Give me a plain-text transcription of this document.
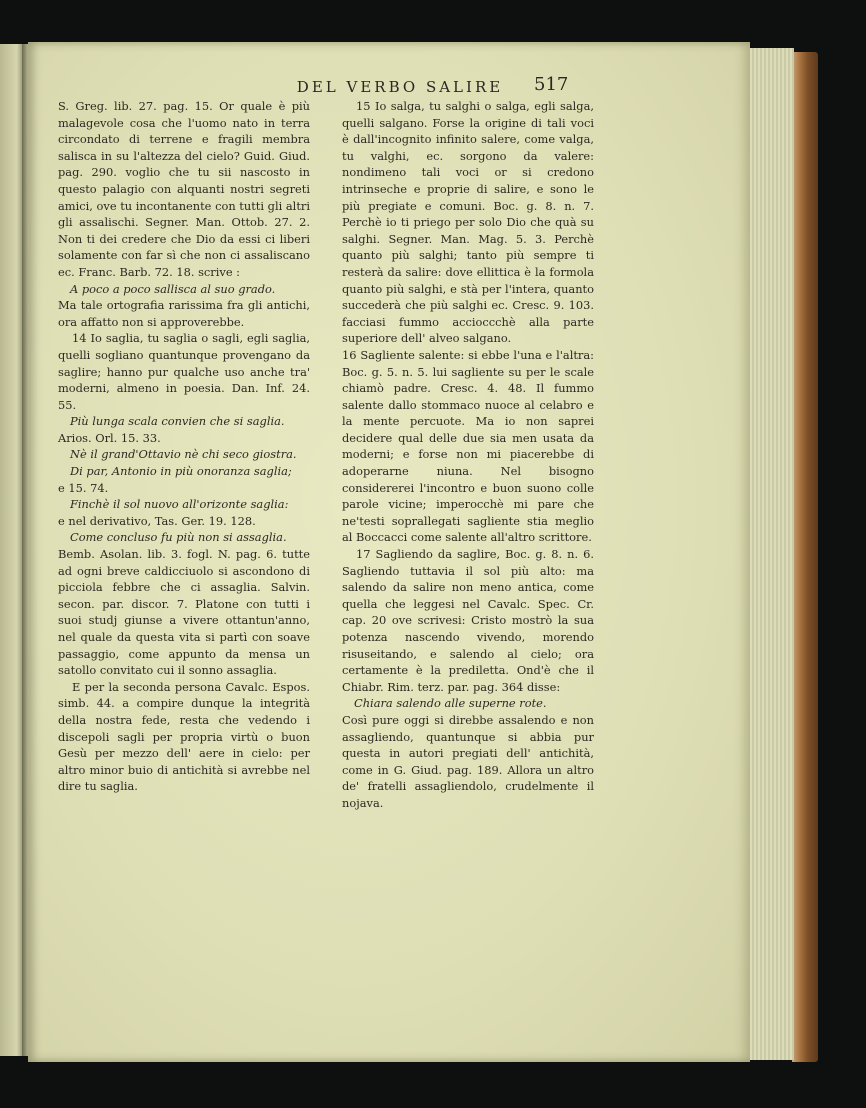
DEL VERBO SALIRE	517

S. Greg. lib. 27. pag. 15. Or quale è più malagevole cosa che l'uomo nato in terra circondato di terrene e fragili membra salisca in su l'altezza del cielo? Guid. Giud. pag. 290. voglio che tu sii nascosto in questo palagio con alquanti nostri segreti amici, ove tu incontanente con tutti gli altri gli assalischi. Segner. Man. Ottob. 27. 2. Non ti dei credere che Dio da essi ci liberi solamente con far sì che non ci assaliscano ec. Franc. Barb. 72. 18. scrive :

A poco a poco sallisca al suo grado.

Ma tale ortografia rarissima fra gli antichi, ora affatto non si approverebbe.

14 Io saglia, tu saglia o sagli, egli saglia, quelli sogliano quantunque provengano da saglire; hanno pur qualche uso anche tra' moderni, almeno in poesia. Dan. Inf. 24. 55.

Più lunga scala convien che si saglia.

Arios. Orl. 15. 33.

Nè il grand'Ottavio nè chi seco giostra.

Di par, Antonio in più onoranza saglia;

e 15. 74.

Finchè il sol nuovo all'orizonte saglia:

e nel derivativo, Tas. Ger. 19. 128.

Come concluso fu più non si assaglia.

Bemb. Asolan. lib. 3. fogl. N. pag. 6. tutte ad ogni breve caldicciuolo si ascondono di picciola febbre che ci assaglia. Salvin. secon. par. discor. 7. Platone con tutti i suoi studj giunse a vivere ottantun'anno, nel quale da questa vita si partì con soave passaggio, come appunto da mensa un satollo convitato cui il sonno assaglia.

E per la seconda persona Cavalc. Espos. simb. 44. a compire dunque la integrità della nostra fede, resta che vedendo i discepoli sagli per propria virtù o buon Gesù per mezzo dell' aere in cielo: per altro minor buio di antichità si avrebbe nel dire tu saglia.

15 Io salga, tu salghi o salga, egli salga, quelli salgano. Forse la origine di tali voci è dall'incognito infinito salere, come valga, tu valghi, ec. sorgono da valere: nondimeno tali voci or si credono intrinseche e proprie di salire, e sono le più pregiate e comuni. Boc. g. 8. n. 7. Perchè io ti priego per solo Dio che quà su salghi. Segner. Man. Mag. 5. 3. Perchè quanto più salghi; tanto più sempre ti resterà da salire: dove ellittica è la formola quanto più salghi, e stà per l'intera, quanto succederà che più salghi ec. Cresc. 9. 103. facciasi fummo accioccchè alla parte superiore dell' alveo salgano.

16 Sagliente salente: si ebbe l'una e l'altra: Boc. g. 5. n. 5. lui sagliente su per le scale chiamò padre. Cresc. 4. 48. Il fummo salente dallo stommaco nuoce al celabro e la mente percuote. Ma io non saprei decidere qual delle due sia men usata da moderni; e forse non mi piacerebbe di adoperarne niuna. Nel bisogno considererei l'incontro e buon suono colle parole vicine; imperocchè mi pare che ne'testi soprallegati sagliente stia meglio al Boccacci come salente all'altro scrittore.

17 Sagliendo da saglire, Boc. g. 8. n. 6. Sagliendo tuttavia il sol più alto: ma salendo da salire non meno antica, come quella che leggesi nel Cavalc. Spec. Cr. cap. 20 ove scrivesi: Cristo mostrò la sua potenza nascendo vivendo, morendo risuseitando, e salendo al cielo; ora certamente è la prediletta. Ond'è che il Chiabr. Rim. terz. par. pag. 364 disse:

Chiara salendo alle superne rote.

Così pure oggi si direbbe assalendo e non assagliendo, quantunque si abbia pur questa in autori pregiati dell' antichità, come in G. Giud. pag. 189. Allora un altro de' fratelli assagliendolo, crudelmente il nojava.
